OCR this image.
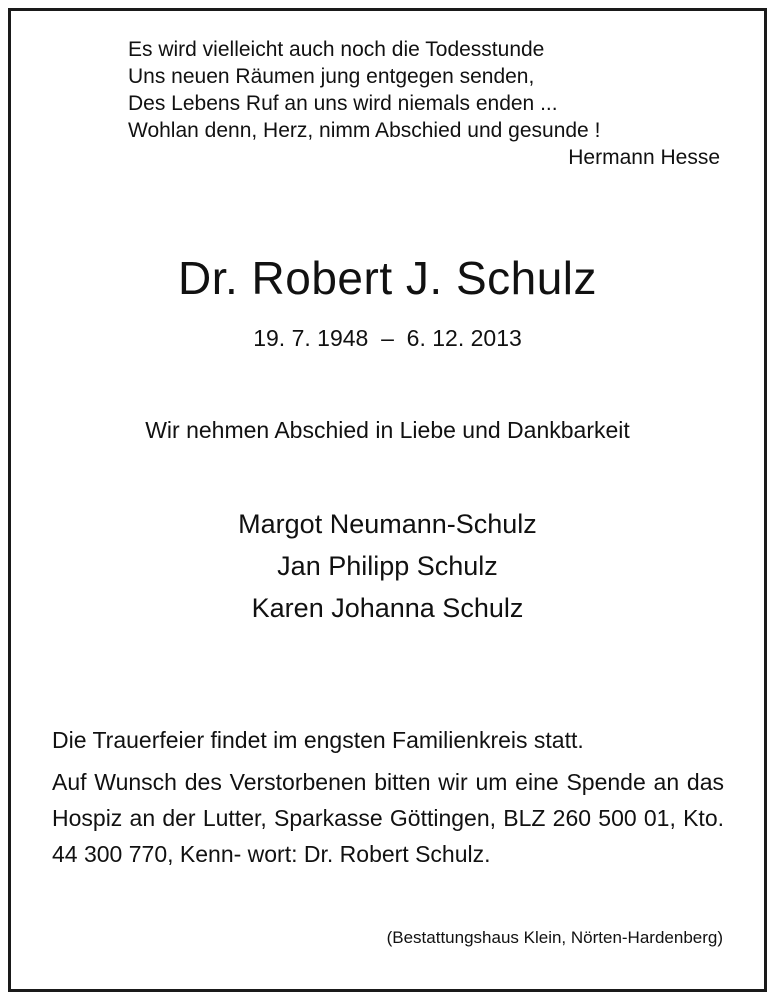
Es wird vielleicht auch noch die Todesstunde
Uns neuen Räumen jung entgegen senden,
Des Lebens Ruf an uns wird niemals enden ...
Wohlan denn, Herz, nimm Abschied und gesunde !
Hermann Hesse
Dr. Robert J. Schulz
19. 7. 1948  –  6. 12. 2013
Wir nehmen Abschied in Liebe und Dankbarkeit
Margot Neumann-Schulz
Jan Philipp Schulz
Karen Johanna Schulz

Die Trauerfeier findet im engsten Familienkreis statt.

Auf Wunsch des Verstorbenen bitten wir um eine Spende an das Hospiz an der Lutter, Sparkasse Göttingen, BLZ 260 500 01, Kto. 44 300 770, Kenn- wort: Dr. Robert Schulz.

(Bestattungshaus Klein, Nörten-Hardenberg)
